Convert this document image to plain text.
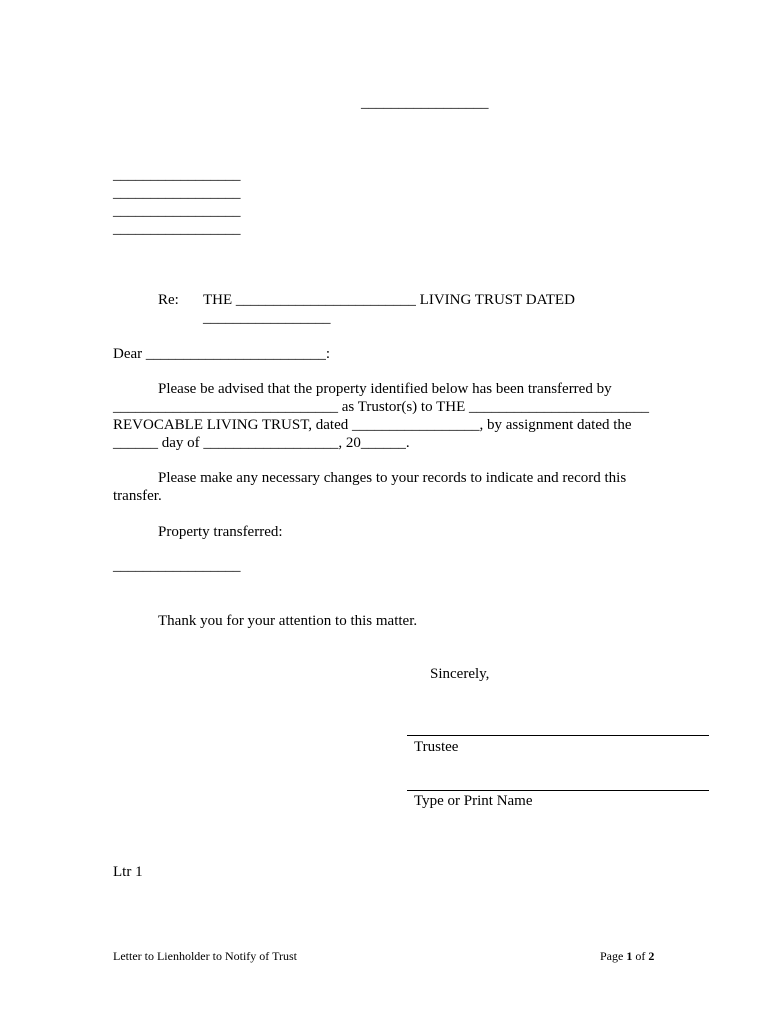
_________________

_________________

_________________

_________________

_________________

Re: THE ________________________ LIVING TRUST DATED

_________________

Dear ________________________:

Please be advised that the property identified below has been transferred by

______________________________ as Trustor(s) to THE ________________________

REVOCABLE LIVING TRUST, dated _________________, by assignment dated the

______ day of __________________, 20______.

Please make any necessary changes to your records to indicate and record this

transfer.

Property transferred:

_________________

Thank you for your attention to this matter.

Sincerely,

Trustee

Type or Print Name

Ltr 1

Letter to Lienholder to Notify of Trust	Page 1 of 2
